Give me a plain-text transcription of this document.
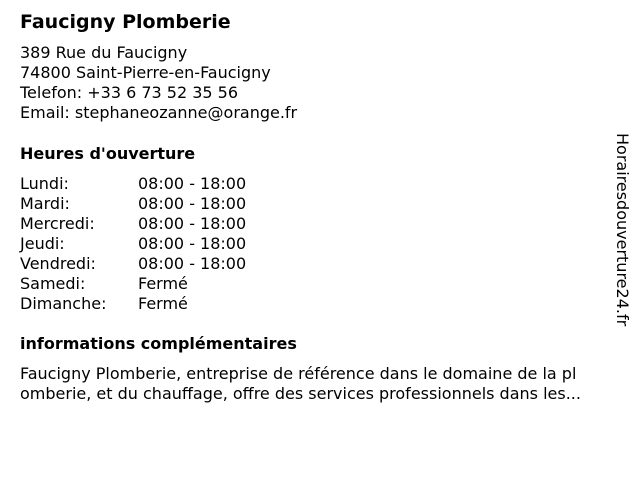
Faucigny Plomberie
389 Rue du Faucigny
74800 Saint-Pierre-en-Faucigny
Telefon: +33 6 73 52 35 56
Email: stephaneozanne@orange.fr
Heures d'ouverture
Lundi:	08:00 - 18:00
Mardi:	08:00 - 18:00
Mercredi:	08:00 - 18:00
Jeudi:	08:00 - 18:00
Vendredi:	08:00 - 18:00
Samedi:	Fermé
Dimanche: Fermé
informations complémentaires
Faucigny Plomberie, entreprise de référence dans le domaine de la pl
omberie, et du chauffage, offre des services professionnels dans les...
Horairesdouverture24.fr
